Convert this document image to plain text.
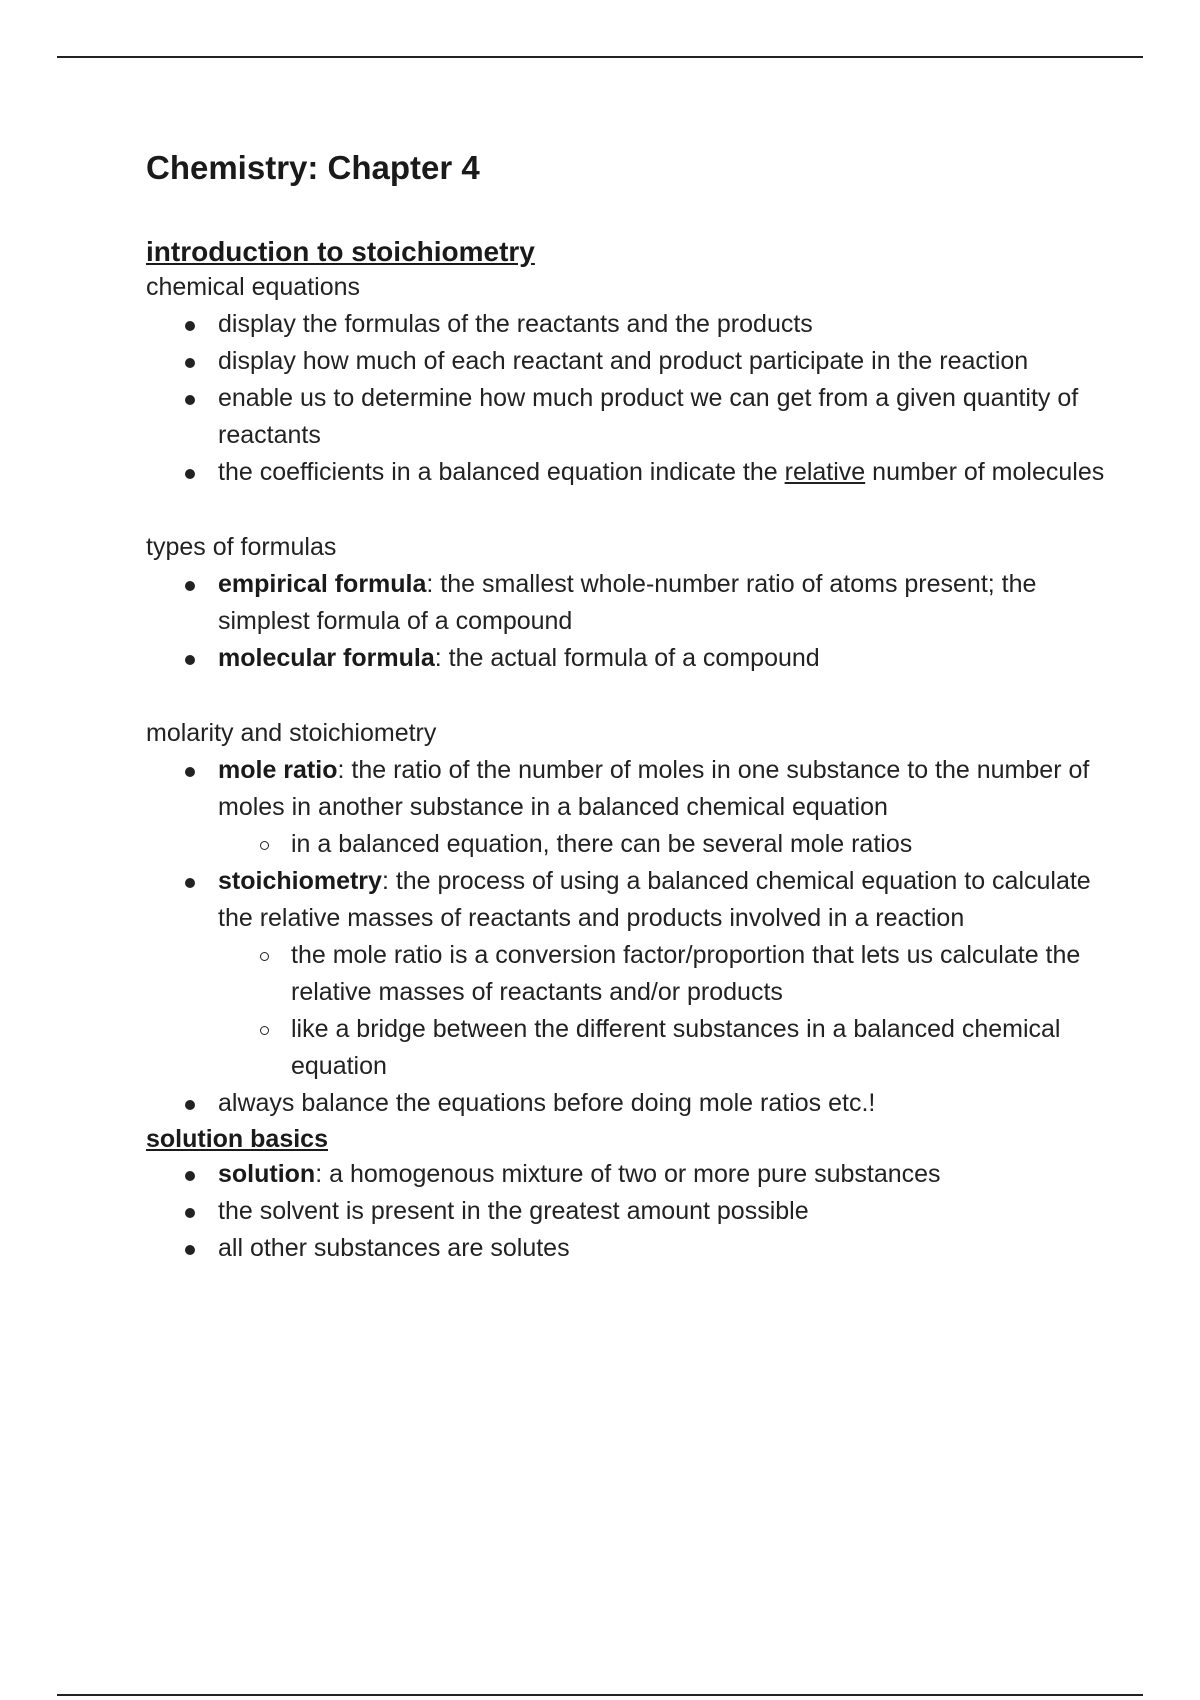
Chemistry: Chapter 4
introduction to stoichiometry

chemical equations

display the formulas of the reactants and the products
display how much of each reactant and product participate in the reaction
enable us to determine how much product we can get from a given quantity of reactants
the coefficients in a balanced equation indicate the relative number of molecules

types of formulas

empirical formula: the smallest whole-number ratio of atoms present; the simplest formula of a compound
molecular formula: the actual formula of a compound

molarity and stoichiometry

mole ratio: the ratio of the number of moles in one substance to the number of moles in another substance in a balanced chemical equation
in a balanced equation, there can be several mole ratios
stoichiometry: the process of using a balanced chemical equation to calculate the relative masses of reactants and products involved in a reaction
the mole ratio is a conversion factor/proportion that lets us calculate the relative masses of reactants and/or products
like a bridge between the different substances in a balanced chemical equation
always balance the equations before doing mole ratios etc.!
solution basics
solution: a homogenous mixture of two or more pure substances
the solvent is present in the greatest amount possible
all other substances are solutes
